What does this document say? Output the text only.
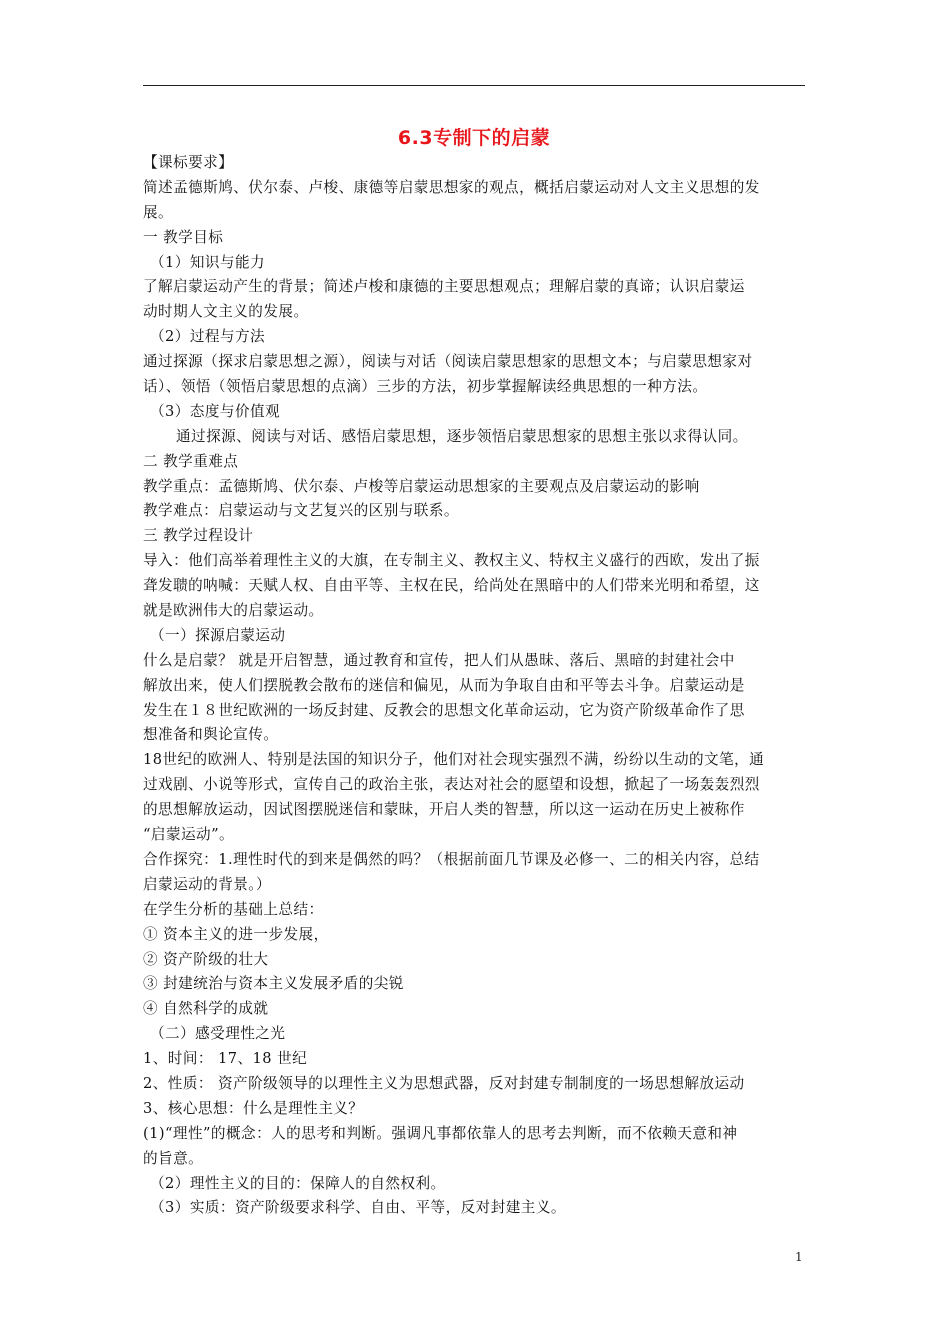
6.3专制下的启蒙
【课标要求】
简述孟德斯鸠、伏尔泰、卢梭、康德等启蒙思想家的观点，概括启蒙运动对人文主义思想的发
展。
一 教学目标
（1）知识与能力
了解启蒙运动产生的背景；简述卢梭和康德的主要思想观点；理解启蒙的真谛；认识启蒙运
动时期人文主义的发展。
（2）过程与方法
通过探源（探求启蒙思想之源），阅读与对话（阅读启蒙思想家的思想文本；与启蒙思想家对
话）、领悟（领悟启蒙思想的点滴）三步的方法，初步掌握解读经典思想的一种方法。
（3）态度与价值观
通过探源、阅读与对话、感悟启蒙思想，逐步领悟启蒙思想家的思想主张以求得认同。
二 教学重难点
教学重点：孟德斯鸠、伏尔泰、卢梭等启蒙运动思想家的主要观点及启蒙运动的影响
教学难点：启蒙运动与文艺复兴的区别与联系。
三 教学过程设计
导入：他们高举着理性主义的大旗，在专制主义、教权主义、特权主义盛行的西欧，发出了振
聋发聩的呐喊：天赋人权、自由平等、主权在民，给尚处在黑暗中的人们带来光明和希望，这
就是欧洲伟大的启蒙运动。
（一）探源启蒙运动
什么是启蒙？ 就是开启智慧，通过教育和宣传，把人们从愚昧、落后、黑暗的封建社会中
解放出来，使人们摆脱教会散布的迷信和偏见，从而为争取自由和平等去斗争。启蒙运动是
发生在１８世纪欧洲的一场反封建、反教会的思想文化革命运动，它为资产阶级革命作了思
想准备和舆论宣传。
18世纪的欧洲人、特别是法国的知识分子，他们对社会现实强烈不满，纷纷以生动的文笔，通
过戏剧、小说等形式，宣传自己的政治主张，表达对社会的愿望和设想，掀起了一场轰轰烈烈
的思想解放运动，因试图摆脱迷信和蒙昧，开启人类的智慧，所以这一运动在历史上被称作
“启蒙运动”。
合作探究：1.理性时代的到来是偶然的吗？（根据前面几节课及必修一、二的相关内容，总结
启蒙运动的背景。）
在学生分析的基础上总结：
① 资本主义的进一步发展，
② 资产阶级的壮大
③ 封建统治与资本主义发展矛盾的尖锐
④ 自然科学的成就
（二）感受理性之光
1、时间： 17、18 世纪
2、性质： 资产阶级领导的以理性主义为思想武器，反对封建专制制度的一场思想解放运动
3、核心思想：什么是理性主义？
(1)“理性”的概念：人的思考和判断。强调凡事都依靠人的思考去判断，而不依赖天意和神
的旨意。
（2）理性主义的目的：保障人的自然权利。
（3）实质：资产阶级要求科学、自由、平等，反对封建主义。
1
